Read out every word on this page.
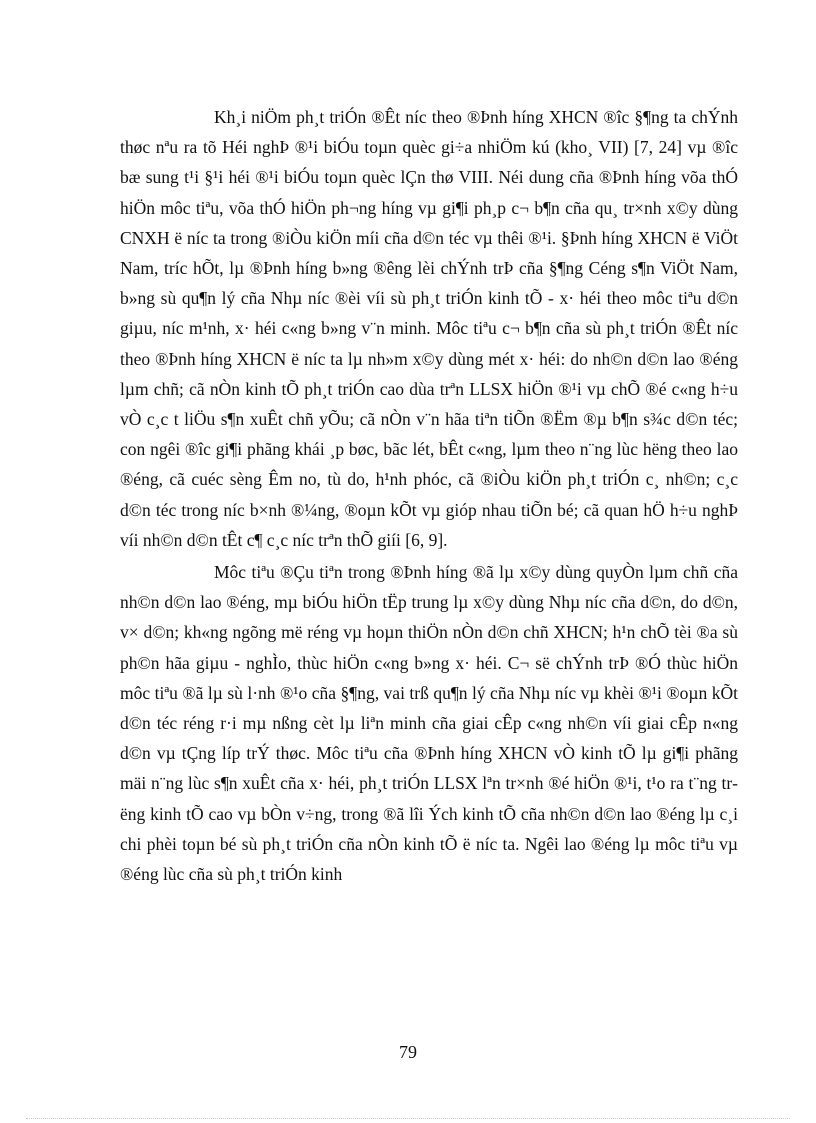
Kh¸i niÖm ph¸t triÓn ®Êt níc theo ®Þnh híng XHCN ®îc §¶ng ta chÝnh thøc nªu ra tõ Héi nghÞ ®¹i biÓu toµn quèc gi÷a nhiÖm kú (kho¸ VII) [7, 24] vµ ®îc bæ sung t¹i §¹i héi ®¹i biÓu toµn quèc lÇn thø VIII. Néi dung cña ®Þnh híng võa thÓ hiÖn môc tiªu, võa thÓ hiÖn ph¬ng híng vµ gi¶i ph¸p c¬ b¶n cña qu¸ tr×nh x©y dùng CNXH ë níc ta trong ®iÒu kiÖn míi cña d©n téc vµ thêi ®¹i. §Þnh híng XHCN ë ViÖt Nam, tríc hÕt, lµ ®Þnh híng b»ng ®êng lèi chÝnh trÞ cña §¶ng Céng s¶n ViÖt Nam, b»ng sù qu¶n lý cña Nhµ níc ®èi víi sù ph¸t triÓn kinh tÕ - x· héi theo môc tiªu d©n giµu, níc m¹nh, x· héi c«ng b»ng v¨n minh. Môc tiªu c¬ b¶n cña sù ph¸t triÓn ®Êt níc theo ®Þnh híng XHCN ë níc ta lµ nh»m x©y dùng mét x· héi: do nh©n d©n lao ®éng lµm chñ; cã nÒn kinh tÕ ph¸t triÓn cao dùa trªn LLSX hiÖn ®¹i vµ chÕ ®é c«ng h÷u vÒ c¸c t liÖu s¶n xuÊt chñ yÕu; cã nÒn v¨n hãa tiªn tiÕn ®Ëm ®µ b¶n s¾c d©n téc; con ngêi ®îc gi¶i phãng khái ¸p bøc, bãc lét, bÊt c«ng, lµm theo n¨ng lùc hëng theo lao ®éng, cã cuéc sèng Êm no, tù do, h¹nh phóc, cã ®iÒu kiÖn ph¸t triÓn c¸ nh©n; c¸c d©n téc trong níc b×nh ®¼ng, ®oµn kÕt vµ gióp nhau tiÕn bé; cã quan hÖ h÷u nghÞ víi nh©n d©n tÊt c¶ c¸c níc trªn thÕ giíi [6, 9].

Môc tiªu ®Çu tiªn trong ®Þnh híng ®ã lµ x©y dùng quyÒn lµm chñ cña nh©n d©n lao ®éng, mµ biÓu hiÖn tËp trung lµ x©y dùng Nhµ níc cña d©n, do d©n, v× d©n; kh«ng ngõng më réng vµ hoµn thiÖn nÒn d©n chñ XHCN; h¹n chÕ tèi ®a sù ph©n hãa giµu - nghÌo, thùc hiÖn c«ng b»ng x· héi. C¬ së chÝnh trÞ ®Ó thùc hiÖn môc tiªu ®ã lµ sù l·nh ®¹o cña §¶ng, vai trß qu¶n lý cña Nhµ níc vµ khèi ®¹i ®oµn kÕt d©n téc réng r·i mµ nßng cèt lµ liªn minh cña giai cÊp c«ng nh©n víi giai cÊp n«ng d©n vµ tÇng líp trÝ thøc. Môc tiªu cña ®Þnh híng XHCN vÒ kinh tÕ lµ gi¶i phãng mäi n¨ng lùc s¶n xuÊt cña x· héi, ph¸t triÓn LLSX lªn tr×nh ®é hiÖn ®¹i, t¹o ra t¨ng trëng kinh tÕ cao vµ bÒn v÷ng, trong ®ã lîi Ých kinh tÕ cña nh©n d©n lao ®éng lµ c¸i chi phèi toµn bé sù ph¸t triÓn cña nÒn kinh tÕ ë níc ta. Ngêi lao ®éng lµ môc tiªu vµ ®éng lùc cña sù ph¸t triÓn kinh

79
